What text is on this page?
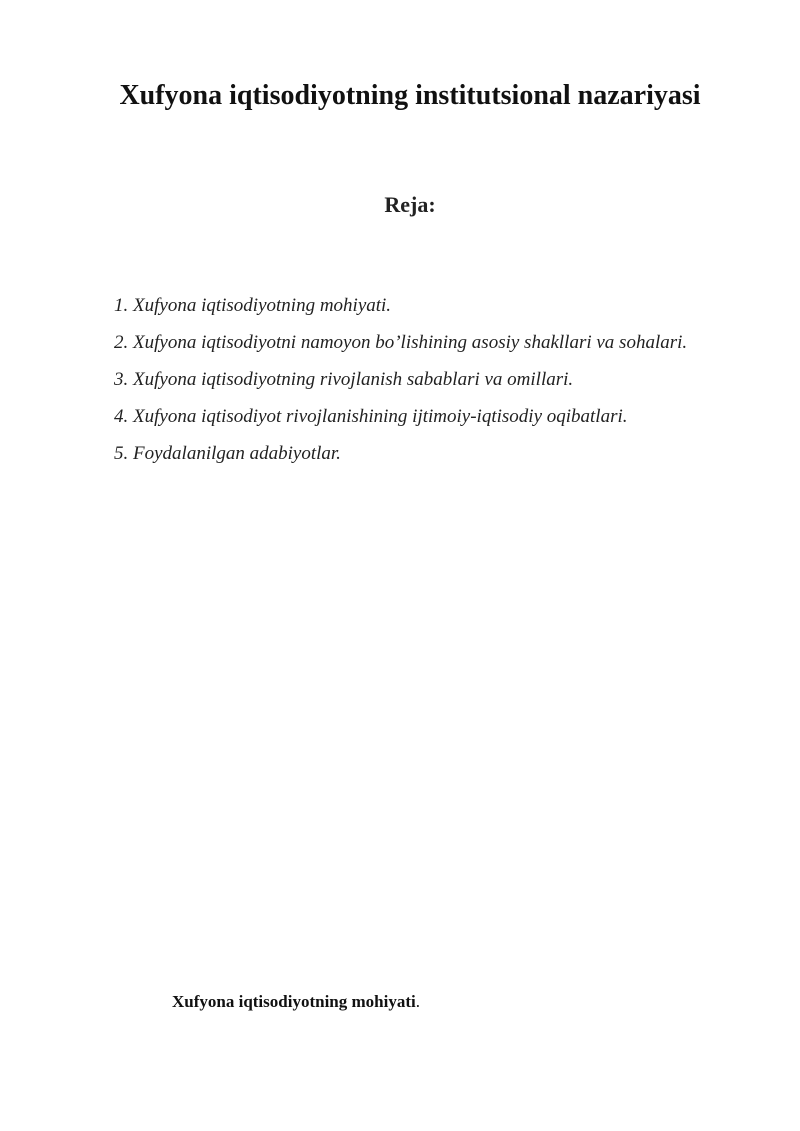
Xufyona iqtisodiyotning institutsional nazariyasi
Reja:
1. Xufyona iqtisodiyotning mohiyati.
2. Xufyona iqtisodiyotni namoyon bo’lishining asosiy shakllari va sohalari.
3. Xufyona iqtisodiyotning rivojlanish sabablari va omillari.
4. Xufyona iqtisodiyot rivojlanishining ijtimoiy-iqtisodiy oqibatlari.
5. Foydalanilgan adabiyotlar.

Xufyona iqtisodiyotning mohiyati.
